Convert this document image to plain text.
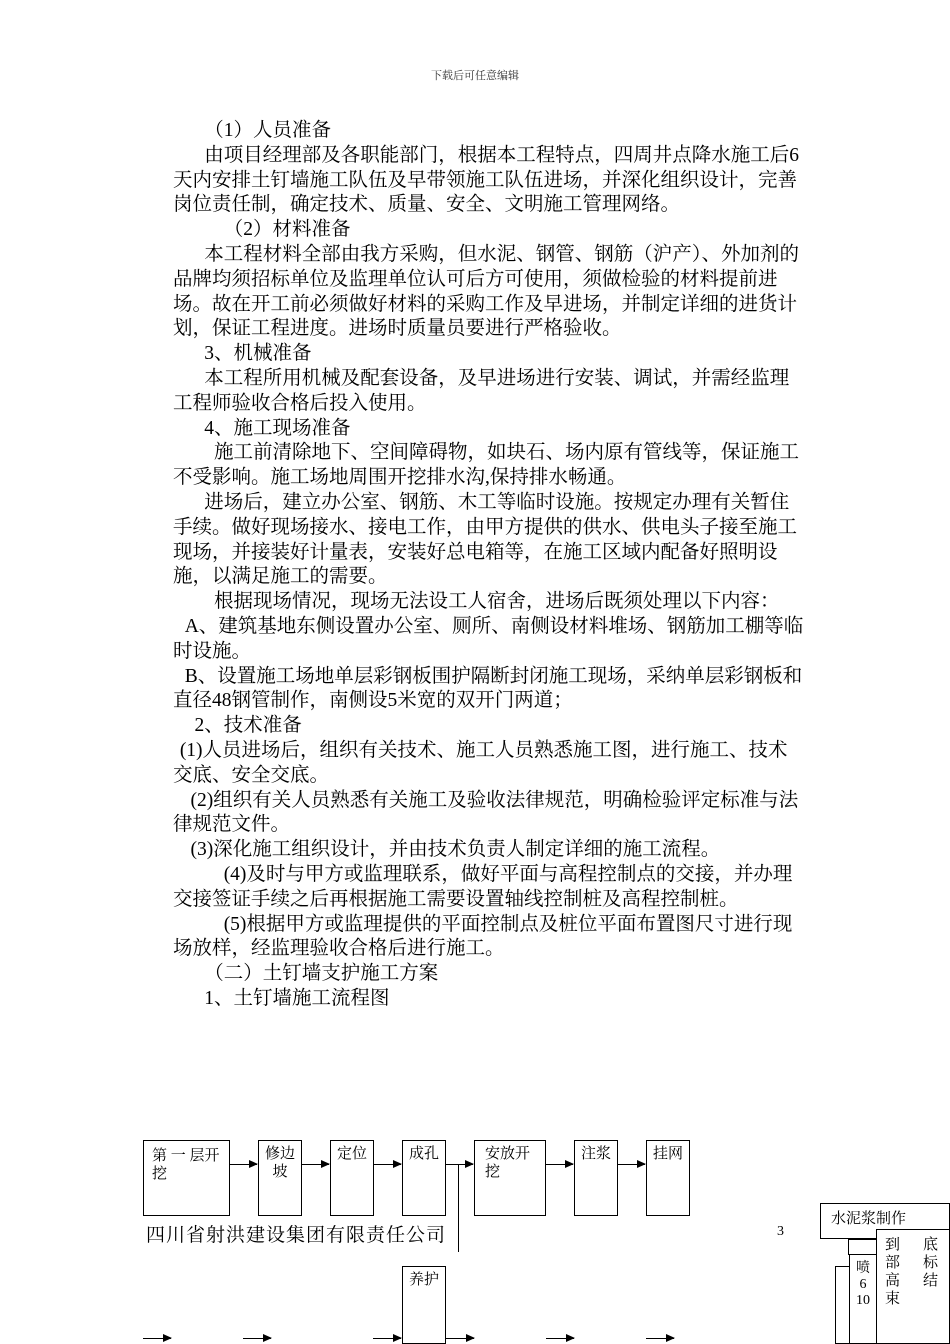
下载后可任意编辑

（1）人员准备

由项目经理部及各职能部门，根据本工程特点，四周井点降水施工后6天内安排土钉墙施工队伍及早带领施工队伍进场，并深化组织设计，完善岗位责任制，确定技术、质量、安全、文明施工管理网络。

（2）材料准备

本工程材料全部由我方采购，但水泥、钢管、钢筋（沪产）、外加剂的品牌均须招标单位及监理单位认可后方可使用，须做检验的材料提前进场。故在开工前必须做好材料的采购工作及早进场，并制定详细的进货计划，保证工程进度。进场时质量员要进行严格验收。

3、机械准备

本工程所用机械及配套设备，及早进场进行安装、调试，并需经监理工程师验收合格后投入使用。

4、施工现场准备

施工前清除地下、空间障碍物，如块石、场内原有管线等，保证施工不受影响。施工场地周围开挖排水沟,保持排水畅通。

进场后，建立办公室、钢筋、木工等临时设施。按规定办理有关暂住手续。做好现场接水、接电工作，由甲方提供的供水、供电头子接至施工现场，并接装好计量表，安装好总电箱等，在施工区域内配备好照明设施，以满足施工的需要。

根据现场情况，现场无法设工人宿舍，进场后既须处理以下内容：

A、建筑基地东侧设置办公室、厕所、南侧设材料堆场、钢筋加工棚等临时设施。

B、设置施工场地单层彩钢板围护隔断封闭施工现场，采纳单层彩钢板和直径48钢管制作，南侧设5米宽的双开门两道；

2、技术准备

(1)人员进场后，组织有关技术、施工人员熟悉施工图，进行施工、技术交底、安全交底。

(2)组织有关人员熟悉有关施工及验收法律规范，明确检验评定标准与法律规范文件。

(3)深化施工组织设计，并由技术负责人制定详细的施工流程。

(4)及时与甲方或监理联系，做好平面与高程控制点的交接，并办理交接签证手续之后再根据施工需要设置轴线控制桩及高程控制桩。

(5)根据甲方或监理提供的平面控制点及桩位平面布置图尺寸进行现场放样，经监理验收合格后进行施工。

（二）土钉墙支护施工方案

1、土钉墙施工流程图

第 一 层开挖
修边坡
定位	成孔	安放开挖
注浆	挂网
水泥浆制作
喷
6
10
到部高束
底标结
养护
四川省射洪建设集团有限责任公司	3
